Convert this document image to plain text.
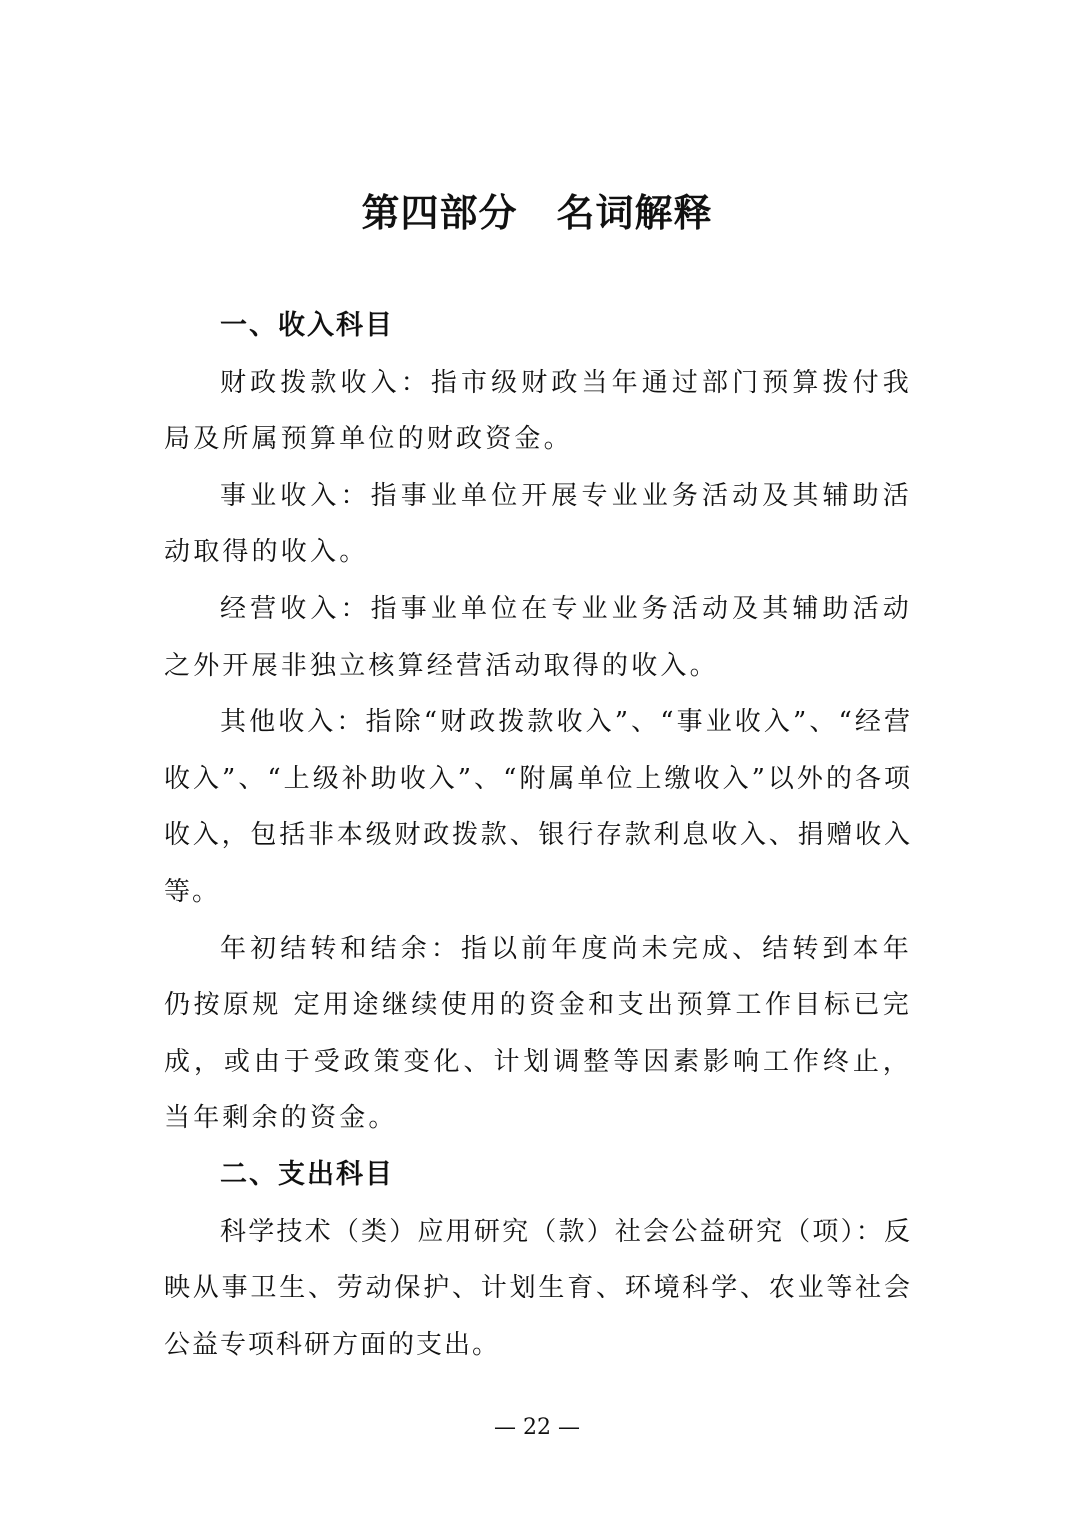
第四部分　名词解释

一、收入科目

财政拨款收入：指市级财政当年通过部门预算拨付我局及所属预算单位的财政资金。

事业收入：指事业单位开展专业业务活动及其辅助活动取得的收入。

经营收入：指事业单位在专业业务活动及其辅助活动之外开展非独立核算经营活动取得的收入。

其他收入：指除“财政拨款收入”、“事业收入”、“经营收入”、“上级补助收入”、“附属单位上缴收入”以外的各项收入，包括非本级财政拨款、银行存款利息收入、捐赠收入等。

年初结转和结余：指以前年度尚未完成、结转到本年仍按原规 定用途继续使用的资金和支出预算工作目标已完成，或由于受政策变化、计划调整等因素影响工作终止，当年剩余的资金。

二、支出科目

科学技术（类）应用研究（款）社会公益研究（项）：反映从事卫生、劳动保护、计划生育、环境科学、农业等社会公益专项科研方面的支出。

— 22 —
